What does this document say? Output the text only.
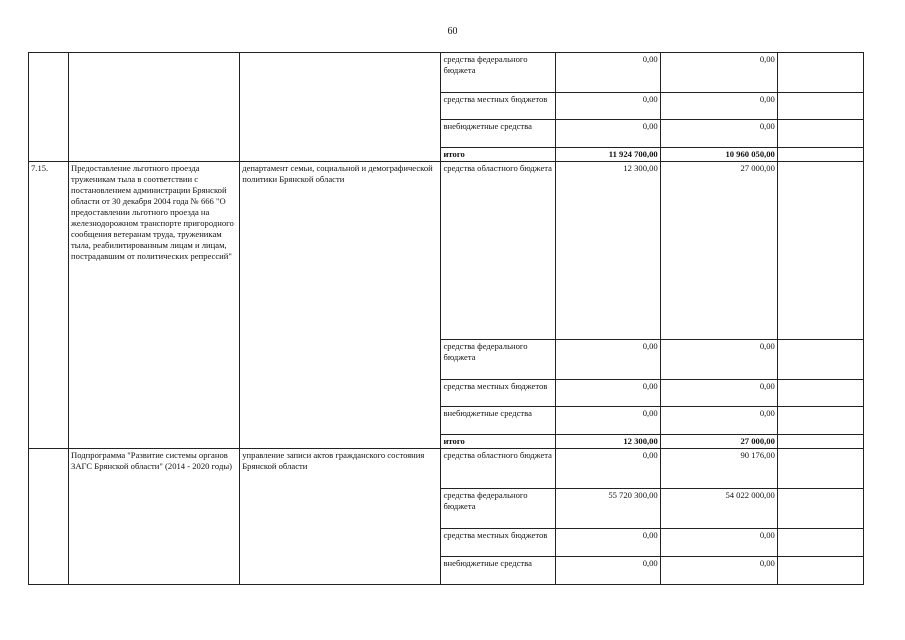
60
			средства федерального бюджета	0,00	0,00	
			средства местных бюджетов	0,00	0,00	
			внебюджетные средства	0,00	0,00	
			итого	11 924 700,00	10 960 050,00	
7.15.	Предоставление льготного проезда труженикам тыла в соответствии с постановлением администрации Брянской области от 30 декабря 2004 года № 666 "О предоставлении льготного проезда на железнодорожном транспорте пригородного сообщения ветеранам труда, труженикам тыла, реабилитированным лицам и лицам, пострадавшим от политических репрессий"	департамент семьи, социальной и демографической политики Брянской области	средства областного бюджета	12 300,00	27 000,00	
			средства федерального бюджета	0,00	0,00	
			средства местных бюджетов	0,00	0,00	
			внебюджетные средства	0,00	0,00	
			итого	12 300,00	27 000,00	
	Подпрограмма "Развитие системы органов ЗАГС Брянской области" (2014 - 2020 годы)	управление записи актов гражданского состояния Брянской области	средства областного бюджета	0,00	90 176,00	
			средства федерального бюджета	55 720 300,00	54 022 000,00	
			средства местных бюджетов	0,00	0,00	
			внебюджетные средства	0,00	0,00	
